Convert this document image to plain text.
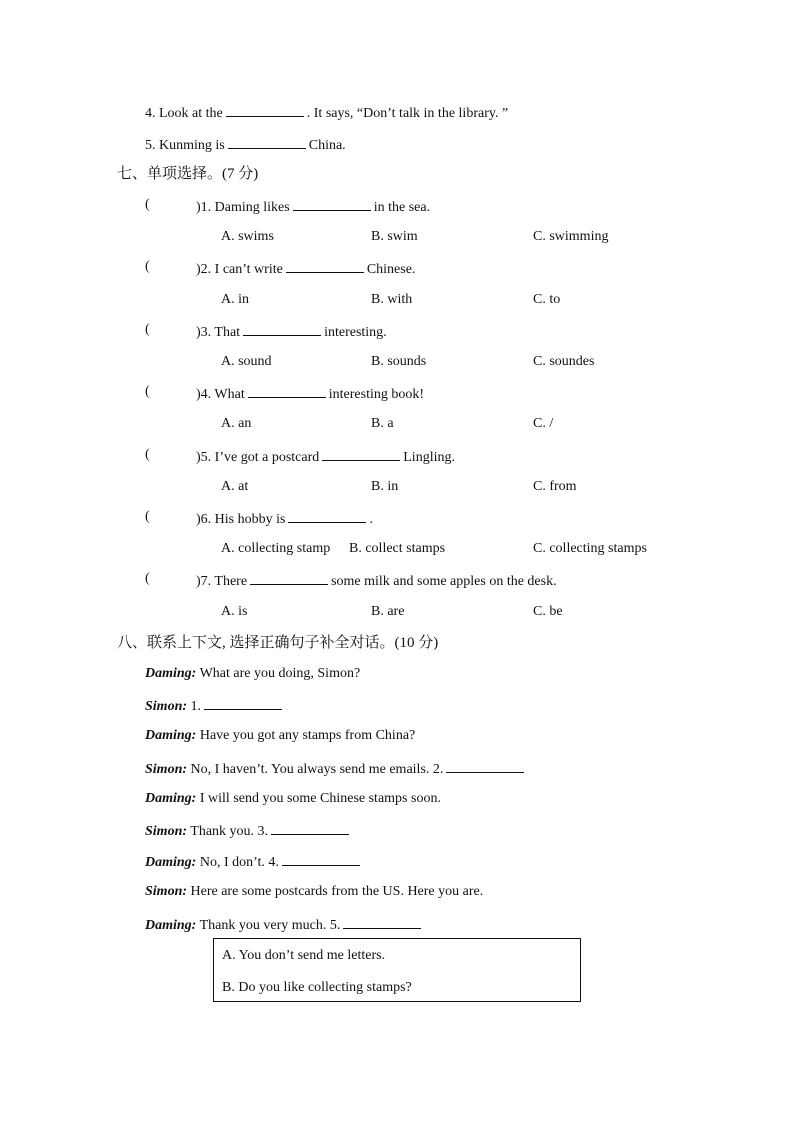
4. Look at the	. It says, “Don’t talk in the library. ”
5. Kunming is	China.
七、单项选择。(7 分)
(	)1. Daming likes	in the sea.
A. swims	B. swim	C. swimming
(	)2. I can’t write	Chinese.
A. in	B. with	C. to
(	)3. That	interesting.
A. sound	B. sounds	C. soundes
(	)4. What	interesting book!
A. an	B. a	C. /
(	)5. I’ve got a postcard	Lingling.
A. at	B. in	C. from
(	)6. His hobby is	.
A. collecting stamp B. collect stamps	C. collecting stamps
(	)7. There	some milk and some apples on the desk.
A. is	B. are	C. be
八、联系上下文, 选择正确句子补全对话。(10 分)
Daming: What are you doing, Simon?
Simon: 1.
Daming: Have you got any stamps from China?
Simon: No, I haven’t. You always send me emails. 2.
Daming: I will send you some Chinese stamps soon.
Simon: Thank you. 3.
Daming: No, I don’t. 4.
Simon: Here are some postcards from the US. Here you are.
Daming: Thank you very much. 5.
A. You don’t send me letters.
B. Do you like collecting stamps?
